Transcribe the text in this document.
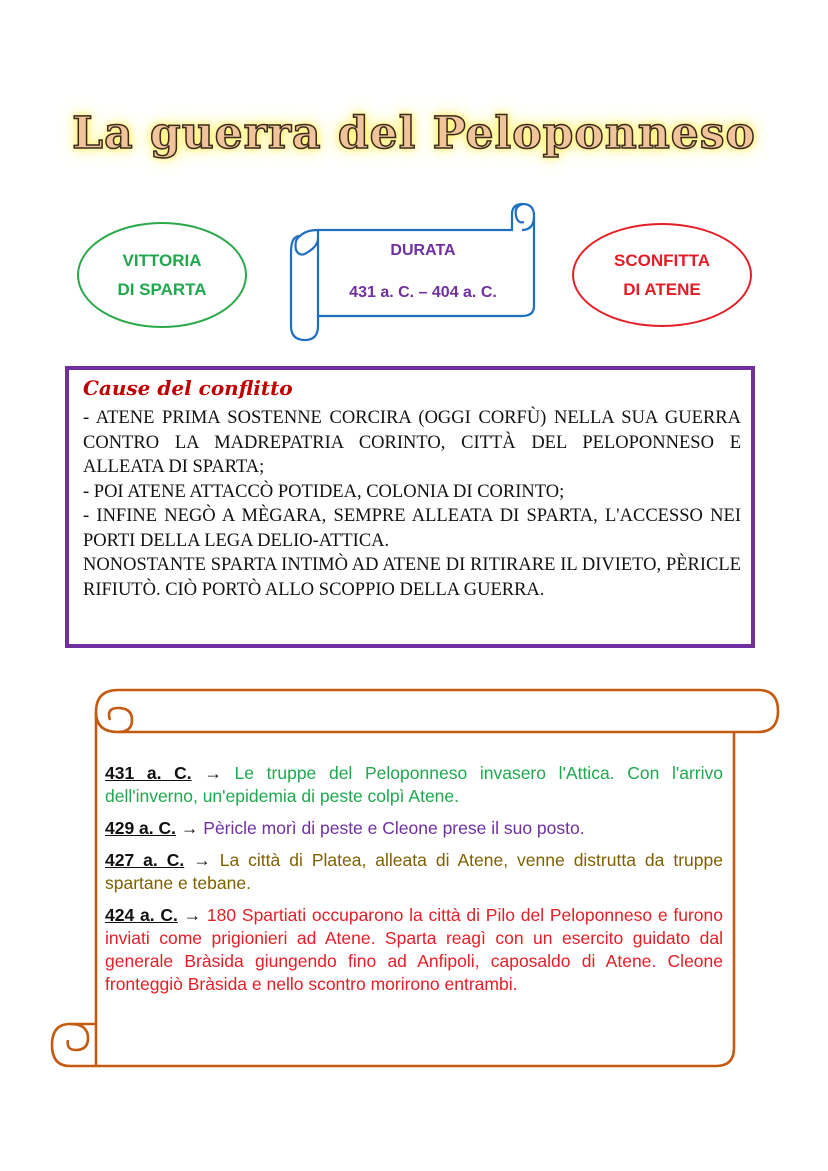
La guerra del Peloponneso
VITTORIA
DI SPARTA
DURATA
431 a. C. – 404 a. C.
SCONFITTA
DI ATENE
Cause del conflitto

- ATENE PRIMA SOSTENNE CORCIRA (OGGI CORFÙ) NELLA SUA GUERRA CONTRO LA MADREPATRIA CORINTO, CITTÀ DEL PELOPONNESO E ALLEATA DI SPARTA;

- POI ATENE ATTACCÒ POTIDEA, COLONIA DI CORINTO;

- INFINE NEGÒ A MÈGARA, SEMPRE ALLEATA DI SPARTA, L'ACCESSO NEI PORTI DELLA LEGA DELIO-ATTICA.

NONOSTANTE SPARTA INTIMÒ AD ATENE DI RITIRARE IL DIVIETO, PÈRICLE RIFIUTÒ. CIÒ PORTÒ ALLO SCOPPIO DELLA GUERRA.

431 a. C. → Le truppe del Peloponneso invasero l'Attica. Con l'arrivo dell'inverno, un'epidemia di peste colpì Atene.

429 a. C. → Pèricle morì di peste e Cleone prese il suo posto.

427 a. C. → La città di Platea, alleata di Atene, venne distrutta da truppe spartane e tebane.

424 a. C. → 180 Spartiati occuparono la città di Pilo del Peloponneso e furono inviati come prigionieri ad Atene. Sparta reagì con un esercito guidato dal generale Bràsida giungendo fino ad Anfipoli, caposaldo di Atene. Cleone fronteggiò Bràsida e nello scontro morirono entrambi.
